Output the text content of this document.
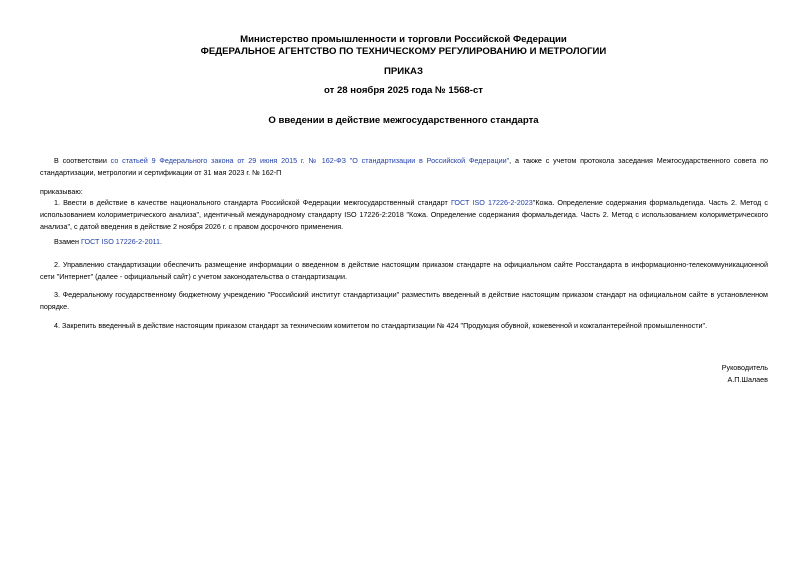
Министерство промышленности и торговли Российской Федерации
ФЕДЕРАЛЬНОЕ АГЕНТСТВО ПО ТЕХНИЧЕСКОМУ РЕГУЛИРОВАНИЮ И МЕТРОЛОГИИ
ПРИКАЗ
от 28 ноября 2025 года № 1568-ст
О введении в действие межгосударственного стандарта

В соответствии со статьей 9 Федерального закона от 29 июня 2015 г. № 162-ФЗ "О стандартизации в Российской Федерации", а также с учетом протокола заседания Межгосударственного совета по стандартизации, метрологии и сертификации от 31 мая 2023 г. № 162-П

приказываю:

1. Ввести в действие в качестве национального стандарта Российской Федерации межгосударственный стандарт ГОСТ ISO 17226-2-2023"Кожа. Определение содержания формальдегида. Часть 2. Метод с использованием колориметрического анализа", идентичный международному стандарту ISO 17226-2:2018 "Кожа. Определение содержания формальдегида. Часть 2. Метод с использованием колориметрического анализа", с датой введения в действие 2 ноября 2026 г. с правом досрочного применения.

Взамен ГОСТ ISO 17226-2-2011.

2. Управлению стандартизации обеспечить размещение информации о введенном в действие настоящим приказом стандарте на официальном сайте Росстандарта в информационно-телекоммуникационной сети "Интернет" (далее - официальный сайт) с учетом законодательства о стандартизации.

3. Федеральному государственному бюджетному учреждению "Российский институт стандартизации" разместить введенный в действие настоящим приказом стандарт на официальном сайте в установленном порядке.

4. Закрепить введенный в действие настоящим приказом стандарт за техническим комитетом по стандартизации № 424 "Продукция обувной, кожевенной и кожгалантерейной промышленности".

Руководитель
А.П.Шалаев
